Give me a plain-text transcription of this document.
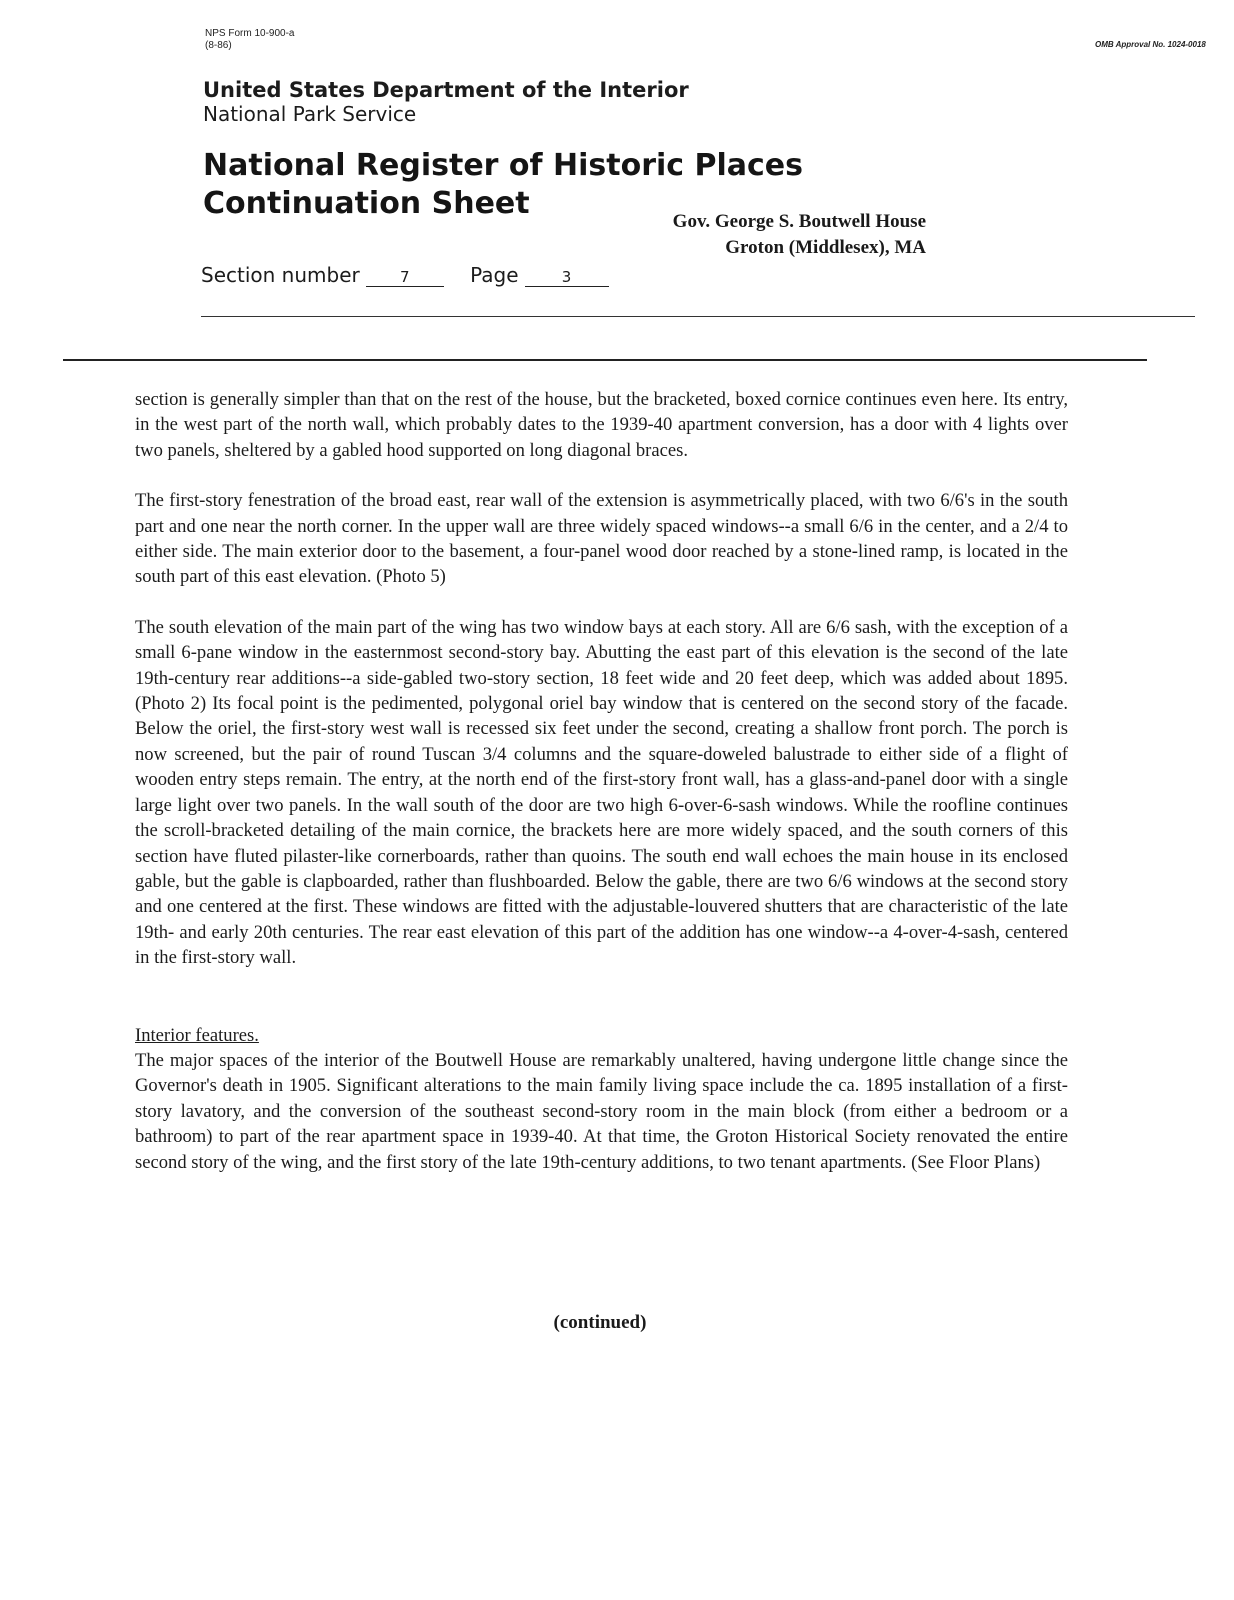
NPS Form 10-900-a
(8-86)	OMB Approval No. 1024-0018
United States Department of the Interior
National Park Service
National Register of Historic Places
Continuation Sheet
Gov. George S. Boutwell House
Groton (Middlesex), MA
Section number	7	Page	3

section is generally simpler than that on the rest of the house, but the bracketed, boxed cornice continues even here. Its entry, in the west part of the north wall, which probably dates to the 1939-40 apartment conversion, has a door with 4 lights over two panels, sheltered by a gabled hood supported on long diagonal braces.

The first-story fenestration of the broad east, rear wall of the extension is asymmetrically placed, with two 6/6's in the south part and one near the north corner. In the upper wall are three widely spaced windows--a small 6/6 in the center, and a 2/4 to either side. The main exterior door to the basement, a four-panel wood door reached by a stone-lined ramp, is located in the south part of this east elevation. (Photo 5)

The south elevation of the main part of the wing has two window bays at each story. All are 6/6 sash, with the exception of a small 6-pane window in the easternmost second-story bay. Abutting the east part of this elevation is the second of the late 19th-century rear additions--a side-gabled two-story section, 18 feet wide and 20 feet deep, which was added about 1895. (Photo 2) Its focal point is the pedimented, polygonal oriel bay window that is centered on the second story of the facade. Below the oriel, the first-story west wall is recessed six feet under the second, creating a shallow front porch. The porch is now screened, but the pair of round Tuscan 3/4 columns and the square-doweled balustrade to either side of a flight of wooden entry steps remain. The entry, at the north end of the first-story front wall, has a glass-and-panel door with a single large light over two panels. In the wall south of the door are two high 6-over-6-sash windows. While the roofline continues the scroll-bracketed detailing of the main cornice, the brackets here are more widely spaced, and the south corners of this section have fluted pilaster-like cornerboards, rather than quoins. The south end wall echoes the main house in its enclosed gable, but the gable is clapboarded, rather than flushboarded. Below the gable, there are two 6/6 windows at the second story and one centered at the first. These windows are fitted with the adjustable-louvered shutters that are characteristic of the late 19th- and early 20th centuries. The rear east elevation of this part of the addition has one window--a 4-over-4-sash, centered in the first-story wall.

Interior features.

The major spaces of the interior of the Boutwell House are remarkably unaltered, having undergone little change since the Governor's death in 1905. Significant alterations to the main family living space include the ca. 1895 installation of a first-story lavatory, and the conversion of the southeast second-story room in the main block (from either a bedroom or a bathroom) to part of the rear apartment space in 1939-40. At that time, the Groton Historical Society renovated the entire second story of the wing, and the first story of the late 19th-century additions, to two tenant apartments. (See Floor Plans)

(continued)
